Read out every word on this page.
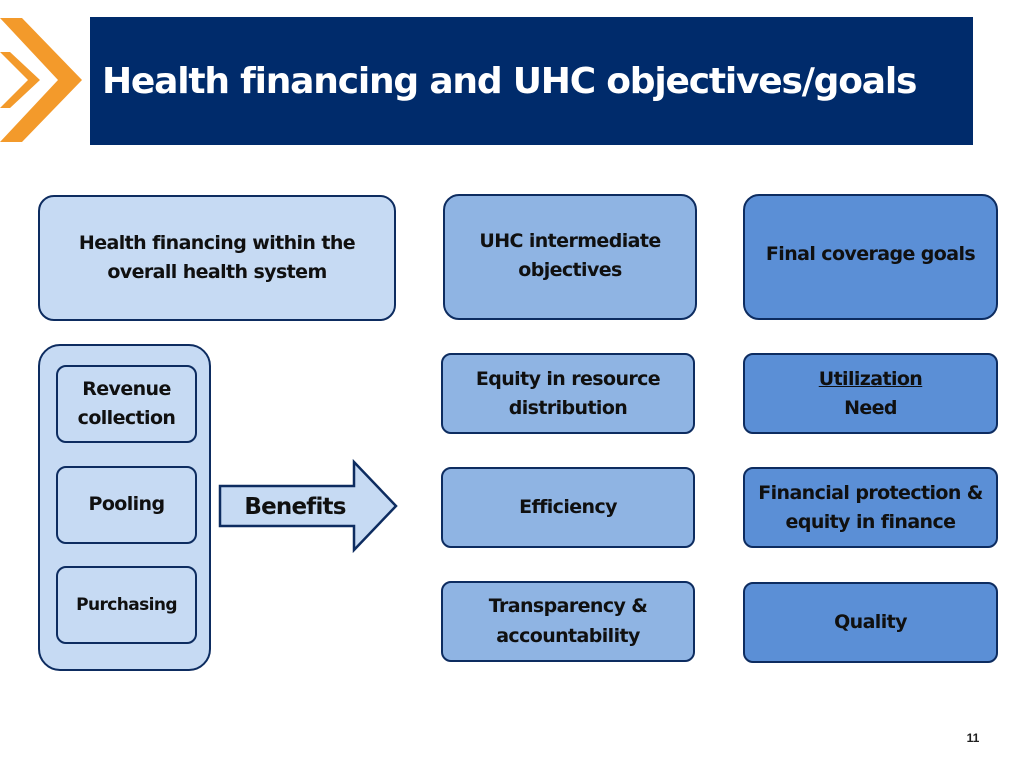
Health financing and UHC objectives/goals
Health financing within the
overall health system
Revenue
collection
Pooling
Purchasing
Benefits
UHC intermediate
objectives
Equity in resource
distribution
Efficiency
Transparency &
accountability
Final coverage goals
Utilization
Need
Financial protection &
equity in finance
Quality
11
